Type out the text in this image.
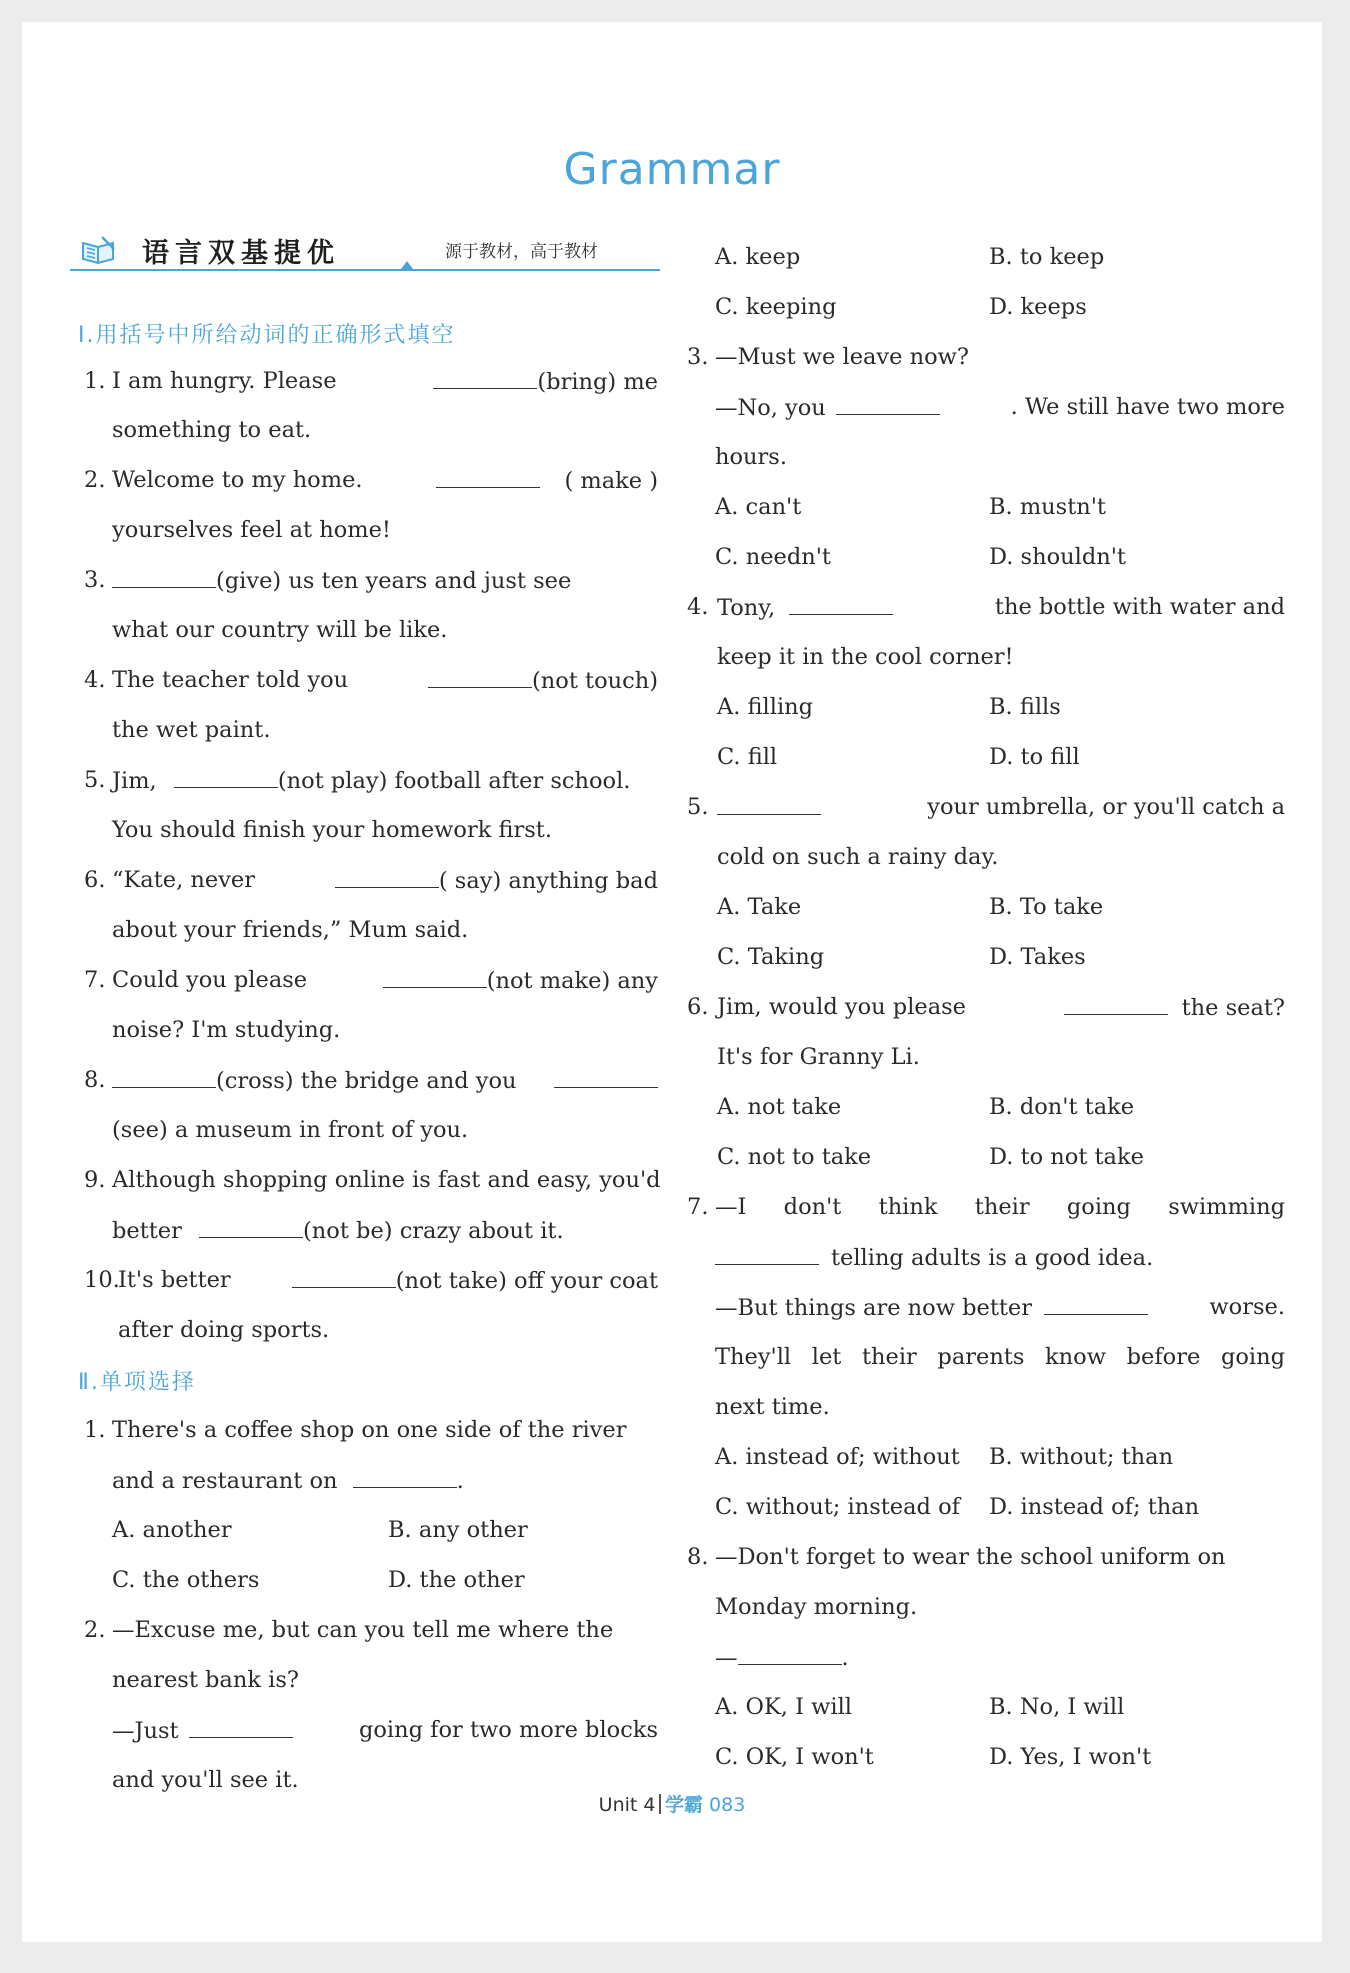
Grammar
语言双基提优	源于教材，高于教材
Ⅰ.用括号中所给动词的正确形式填空
1. I am hungry. Please	(bring) me
something to eat.
2. Welcome to my home.	( make )
yourselves feel at home!
3.	(give) us ten years and just see
what our country will be like.
4. The teacher told you	(not touch)
the wet paint.
5. Jim,	(not play) football after school.
You should finish your homework first.
6. “Kate, never	( say) anything bad
about your friends,” Mum said.
7. Could you please	(not make) any
noise? I'm studying.
8.	(cross) the bridge and you
(see) a museum in front of you.
9. Although shopping online is fast and easy, you'd
better	(not be) crazy about it.
10.
It's better	(not take) off your coat
after doing sports.
Ⅱ.单项选择
1. There's a coffee shop on one side of the river
and a restaurant on	.
A. another	B. any other
C. the others	D. the other
2. —Excuse me, but can you tell me where the
nearest bank is?
—Just	going for two more blocks
and you'll see it.
A. keep	B. to keep
C. keeping	D. keeps
3. —Must we leave now?
—No, you	. We still have two more
hours.
A. can't	B. mustn't
C. needn't	D. shouldn't
4. Tony,	the bottle with water and
keep it in the cool corner!
A. filling	B. fills
C. fill	D. to fill
5.	your umbrella, or you'll catch a
cold on such a rainy day.
A. Take	B. To take
C. Taking	D. Takes
6. Jim, would you please	the seat?
It's for Granny Li.
A. not take	B. don't take
C. not to take	D. to not take
7. —I don't think their going swimming
telling adults is a good idea.
—But things are now better	worse.
They'll let their parents know before going
next time.
A. instead of; without B. without; than
C. without; instead of D. instead of; than
8. —Don't forget to wear the school uniform on
Monday morning.
—	.
A. OK, I will	B. No, I will
C. OK, I won't	D. Yes, I won't
Unit 4 学霸 083
